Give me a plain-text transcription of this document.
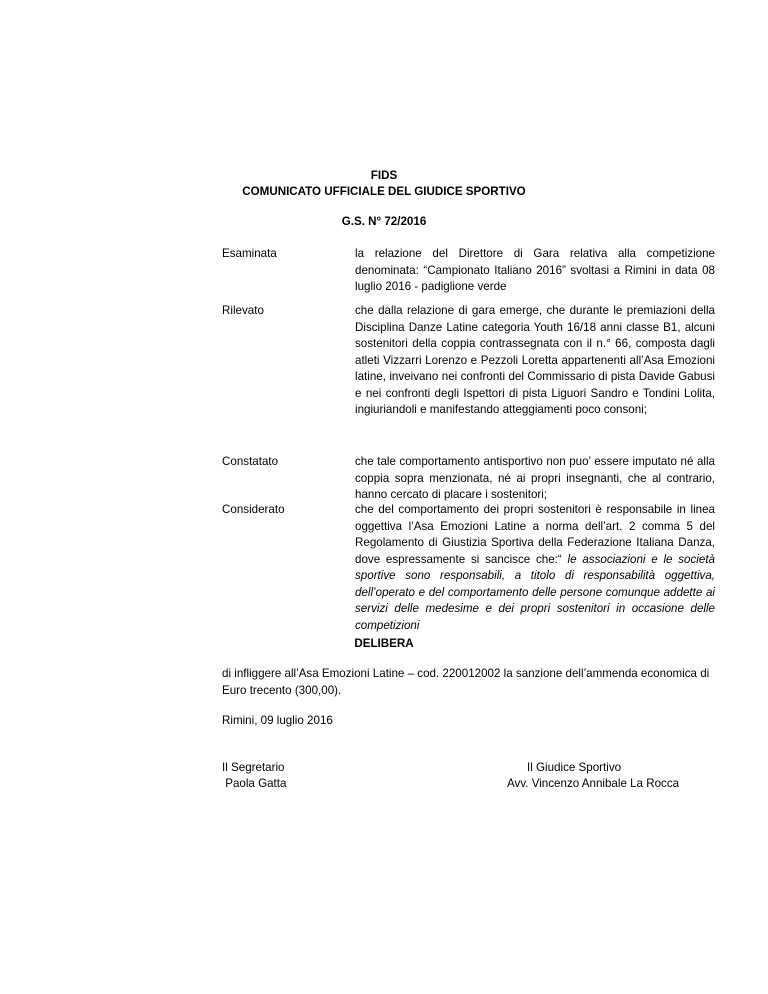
FIDS
COMUNICATO UFFICIALE DEL GIUDICE SPORTIVO
G.S. N° 72/2016
Esaminata	la relazione del Direttore di Gara relativa alla competizione denominata: “Campionato Italiano 2016” svoltasi a Rimini in data 08 luglio 2016 - padiglione verde
Rilevato	che dalla relazione di gara emerge, che durante le premiazioni della Disciplina Danze Latine categoria Youth 16/18 anni classe B1, alcuni sostenitori della coppia contrassegnata con il n.° 66, composta dagli atleti Vizzarri Lorenzo e Pezzoli Loretta appartenenti all’Asa Emozioni latine, inveivano nei confronti del Commissario di pista Davide Gabusi e nei confronti degli Ispettori di pista Liguori Sandro e Tondini Lolita, ingiuriandoli e manifestando atteggiamenti poco consoni;
Constatato	che tale comportamento antisportivo non puo’ essere imputato né alla coppia sopra menzionata, né ai propri insegnanti, che al contrario, hanno cercato di placare i sostenitori;
Considerato	che del comportamento dei propri sostenitori è responsabile in linea oggettiva l’Asa Emozioni Latine a norma dell’art. 2 comma 5 del Regolamento di Giustizia Sportiva della Federazione Italiana Danza, dove espressamente si sancisce che:“ le associazioni e le società sportive sono responsabili, a titolo di responsabilità oggettiva, dell’operato e del comportamento delle persone comunque addette ai servizi delle medesime e dei propri sostenitori in occasione delle competizioni
DELIBERA
di infliggere all’Asa Emozioni Latine – cod. 220012002 la sanzione dell’ammenda economica di Euro trecento (300,00).
Rimini, 09 luglio 2016
Il Segretario
Paola Gatta
Il Giudice Sportivo
Avv. Vincenzo Annibale La Rocca
